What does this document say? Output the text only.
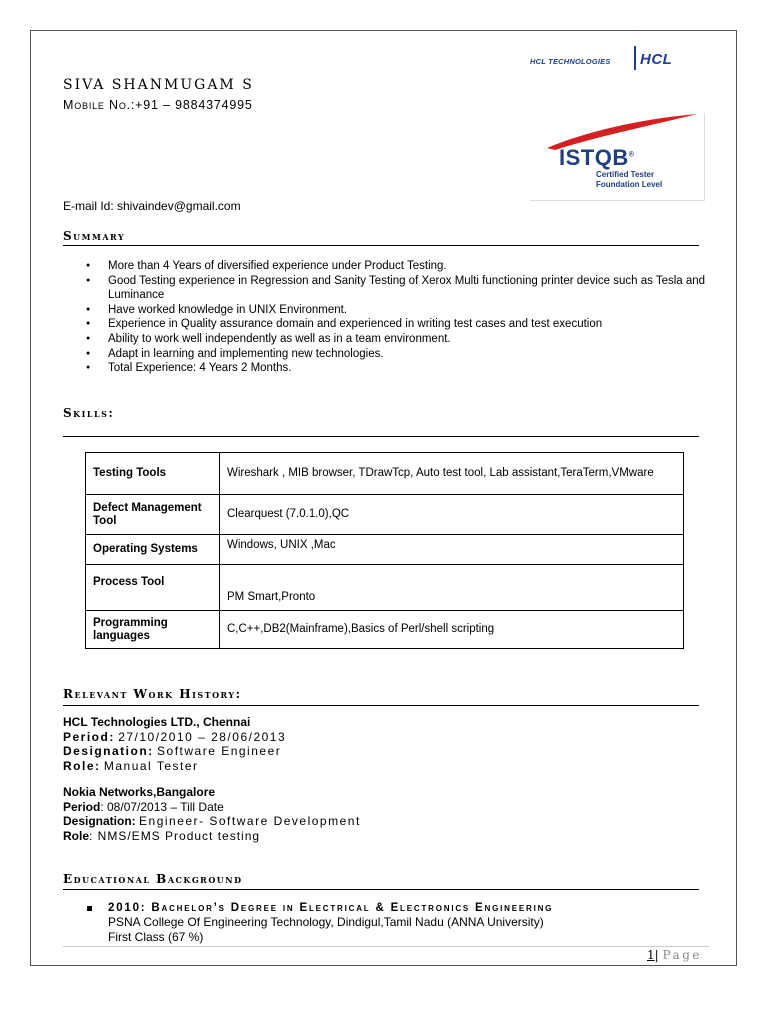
HCL TECHNOLOGIES HCL
ISTQB®
Certified Tester
Foundation Level
SIVA SHANMUGAM S
Mobile No.:+91 – 9884374995
E-mail Id: shivaindev@gmail.com
Summary
● More than 4 Years of diversified experience under Product Testing.
● Good Testing experience in Regression and Sanity Testing of Xerox Multi functioning printer device such as Tesla and Luminance
● Have worked knowledge in UNIX Environment.
● Experience in Quality assurance domain and experienced in writing test cases and test execution
● Ability to work well independently as well as in a team environment.
● Adapt in learning and implementing new technologies.
● Total Experience: 4 Years 2 Months.
Skills:
Testing Tools	Wireshark , MIB browser, TDrawTcp, Auto test tool, Lab assistant,TeraTerm,VMware
Defect Management Tool	Clearquest (7.0.1.0),QC
Operating Systems	Windows, UNIX ,Mac
Process Tool	PM Smart,Pronto
Programming languages	C,C++,DB2(Mainframe),Basics of Perl/shell scripting
Relevant Work History:
HCL Technologies LTD., Chennai
Period: 27/10/2010 – 28/06/2013
Designation: Software Engineer
Role: Manual Tester
Nokia Networks,Bangalore
Period: 08/07/2013 – Till Date
Designation: Engineer- Software Development
Role: NMS/EMS Product testing
Educational Background
2010: Bachelor’s Degree in Electrical & Electronics Engineering
PSNA College Of Engineering Technology, Dindigul,Tamil Nadu (ANNA University)
First Class (67 %)
1| Page
